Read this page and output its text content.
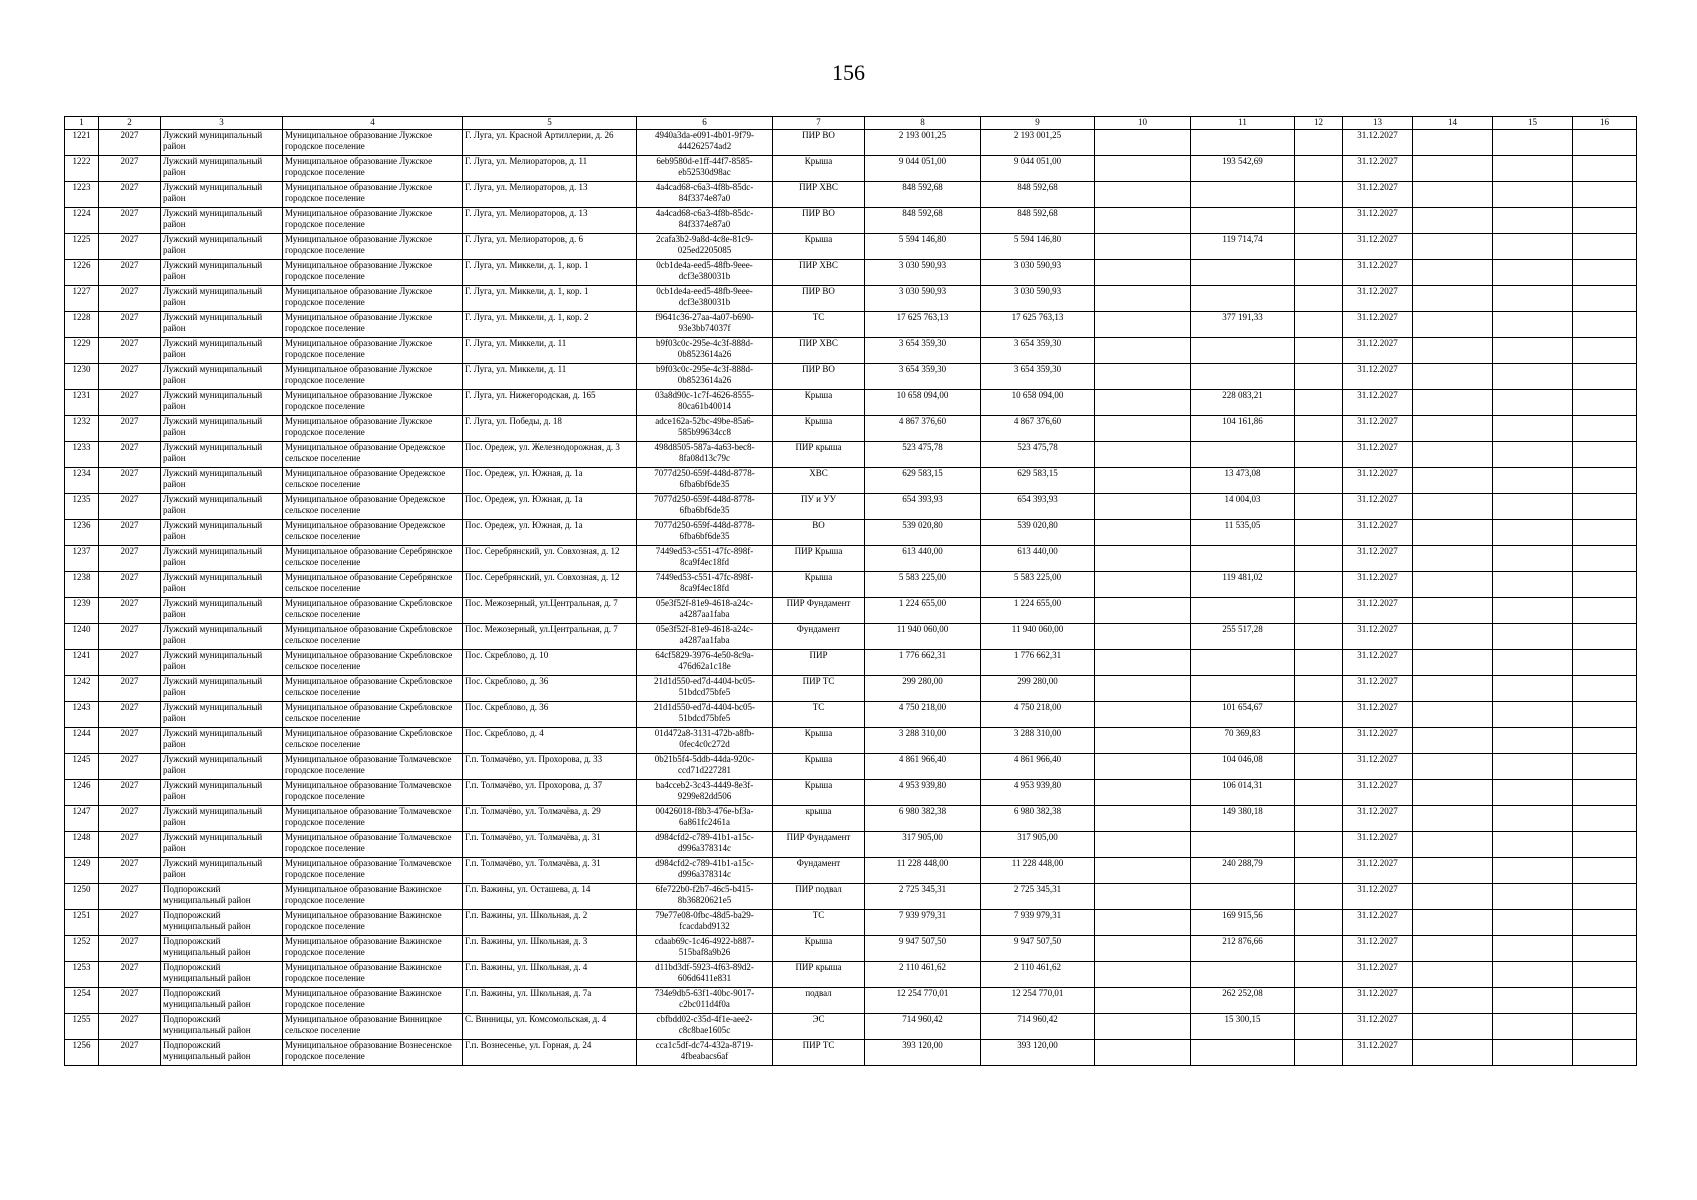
156
1	2	3	4	5	6	7	8	9	10	11	12	13	14	15	16
1221	2027	Лужский муниципальный район	Муниципальное образование Лужское городское поселение	Г. Луга, ул. Красной Артиллерии, д. 26	4940a3da-e091-4b01-9f79-444262574ad2	ПИР ВО	2 193 001,25	2 193 001,25				31.12.2027			
1222	2027	Лужский муниципальный район	Муниципальное образование Лужское городское поселение	Г. Луга, ул. Мелиораторов, д. 11	6eb9580d-e1ff-44f7-8585-eb52530d98ac	Крыша	9 044 051,00	9 044 051,00		193 542,69		31.12.2027			
1223	2027	Лужский муниципальный район	Муниципальное образование Лужское городское поселение	Г. Луга, ул. Мелиораторов, д. 13	4a4cad68-c6a3-4f8b-85dc-84f3374e87a0	ПИР ХВС	848 592,68	848 592,68				31.12.2027			
1224	2027	Лужский муниципальный район	Муниципальное образование Лужское городское поселение	Г. Луга, ул. Мелиораторов, д. 13	4a4cad68-c6a3-4f8b-85dc-84f3374e87a0	ПИР ВО	848 592,68	848 592,68				31.12.2027			
1225	2027	Лужский муниципальный район	Муниципальное образование Лужское городское поселение	Г. Луга, ул. Мелиораторов, д. 6	2cafa3b2-9a8d-4c8e-81c9-025ed2205085	Крыша	5 594 146,80	5 594 146,80		119 714,74		31.12.2027			
1226	2027	Лужский муниципальный район	Муниципальное образование Лужское городское поселение	Г. Луга, ул. Миккели, д. 1, кор. 1	0cb1de4a-eed5-48fb-9eee-dcf3e380031b	ПИР ХВС	3 030 590,93	3 030 590,93				31.12.2027			
1227	2027	Лужский муниципальный район	Муниципальное образование Лужское городское поселение	Г. Луга, ул. Миккели, д. 1, кор. 1	0cb1de4a-eed5-48fb-9eee-dcf3e380031b	ПИР ВО	3 030 590,93	3 030 590,93				31.12.2027			
1228	2027	Лужский муниципальный район	Муниципальное образование Лужское городское поселение	Г. Луга, ул. Миккели, д. 1, кор. 2	f9641c36-27aa-4a07-b690-93e3bb74037f	ТС	17 625 763,13	17 625 763,13		377 191,33		31.12.2027			
1229	2027	Лужский муниципальный район	Муниципальное образование Лужское городское поселение	Г. Луга, ул. Миккели, д. 11	b9f03c0c-295e-4c3f-888d-0b8523614a26	ПИР ХВС	3 654 359,30	3 654 359,30				31.12.2027			
1230	2027	Лужский муниципальный район	Муниципальное образование Лужское городское поселение	Г. Луга, ул. Миккели, д. 11	b9f03c0c-295e-4c3f-888d-0b8523614a26	ПИР ВО	3 654 359,30	3 654 359,30				31.12.2027			
1231	2027	Лужский муниципальный район	Муниципальное образование Лужское городское поселение	Г. Луга, ул. Нижегородская, д. 165	03a8d90c-1c7f-4626-8555-80ca61b40014	Крыша	10 658 094,00	10 658 094,00		228 083,21		31.12.2027			
1232	2027	Лужский муниципальный район	Муниципальное образование Лужское городское поселение	Г. Луга, ул. Победы, д. 18	adce162a-52bc-49be-85a6-585b99634cc8	Крыша	4 867 376,60	4 867 376,60		104 161,86		31.12.2027			
1233	2027	Лужский муниципальный район	Муниципальное образование Оредежское сельское поселение	Пос. Оредеж, ул. Железнодорожная, д. 3	498d8505-587a-4a63-bec8-8fa08d13c79c	ПИР крыша	523 475,78	523 475,78				31.12.2027			
1234	2027	Лужский муниципальный район	Муниципальное образование Оредежское сельское поселение	Пос. Оредеж, ул. Южная, д. 1а	7077d250-659f-448d-8778-6fba6bf6de35	ХВС	629 583,15	629 583,15		13 473,08		31.12.2027			
1235	2027	Лужский муниципальный район	Муниципальное образование Оредежское сельское поселение	Пос. Оредеж, ул. Южная, д. 1а	7077d250-659f-448d-8778-6fba6bf6de35	ПУ и УУ	654 393,93	654 393,93		14 004,03		31.12.2027			
1236	2027	Лужский муниципальный район	Муниципальное образование Оредежское сельское поселение	Пос. Оредеж, ул. Южная, д. 1а	7077d250-659f-448d-8778-6fba6bf6de35	ВО	539 020,80	539 020,80		11 535,05		31.12.2027			
1237	2027	Лужский муниципальный район	Муниципальное образование Серебрянское сельское поселение	Пос. Серебрянский, ул. Совхозная, д. 12	7449ed53-c551-47fc-898f-8ca9f4ec18fd	ПИР Крыша	613 440,00	613 440,00				31.12.2027			
1238	2027	Лужский муниципальный район	Муниципальное образование Серебрянское сельское поселение	Пос. Серебрянский, ул. Совхозная, д. 12	7449ed53-c551-47fc-898f-8ca9f4ec18fd	Крыша	5 583 225,00	5 583 225,00		119 481,02		31.12.2027			
1239	2027	Лужский муниципальный район	Муниципальное образование Скребловское сельское поселение	Пос. Межозерный, ул.Центральная, д. 7	05e3f52f-81e9-4618-a24c-a4287aa1faba	ПИР Фундамент	1 224 655,00	1 224 655,00				31.12.2027			
1240	2027	Лужский муниципальный район	Муниципальное образование Скребловское сельское поселение	Пос. Межозерный, ул.Центральная, д. 7	05e3f52f-81e9-4618-a24c-a4287aa1faba	Фундамент	11 940 060,00	11 940 060,00		255 517,28		31.12.2027			
1241	2027	Лужский муниципальный район	Муниципальное образование Скребловское сельское поселение	Пос. Скреблово, д. 10	64cf5829-3976-4e50-8c9a-476d62a1c18e	ПИР	1 776 662,31	1 776 662,31				31.12.2027			
1242	2027	Лужский муниципальный район	Муниципальное образование Скребловское сельское поселение	Пос. Скреблово, д. 36	21d1d550-ed7d-4404-bc05-51bdcd75bfe5	ПИР ТС	299 280,00	299 280,00				31.12.2027			
1243	2027	Лужский муниципальный район	Муниципальное образование Скребловское сельское поселение	Пос. Скреблово, д. 36	21d1d550-ed7d-4404-bc05-51bdcd75bfe5	ТС	4 750 218,00	4 750 218,00		101 654,67		31.12.2027			
1244	2027	Лужский муниципальный район	Муниципальное образование Скребловское сельское поселение	Пос. Скреблово, д. 4	01d472a8-3131-472b-a8fb-0fec4c0c272d	Крыша	3 288 310,00	3 288 310,00		70 369,83		31.12.2027			
1245	2027	Лужский муниципальный район	Муниципальное образование Толмачевское городское поселение	Г.п. Толмачёво, ул. Прохорова, д. 33	0b21b5f4-5ddb-44da-920c-ccd71d227281	Крыша	4 861 966,40	4 861 966,40		104 046,08		31.12.2027			
1246	2027	Лужский муниципальный район	Муниципальное образование Толмачевское городское поселение	Г.п. Толмачёво, ул. Прохорова, д. 37	ba4cceb2-3c43-4449-8e3f-9299e82dd506	Крыша	4 953 939,80	4 953 939,80		106 014,31		31.12.2027			
1247	2027	Лужский муниципальный район	Муниципальное образование Толмачевское городское поселение	Г.п. Толмачёво, ул. Толмачёва, д. 29	00426018-f8b3-476e-bf3a-6a861fc2461a	крыша	6 980 382,38	6 980 382,38		149 380,18		31.12.2027			
1248	2027	Лужский муниципальный район	Муниципальное образование Толмачевское городское поселение	Г.п. Толмачёво, ул. Толмачёва, д. 31	d984cfd2-c789-41b1-a15c-d996a378314c	ПИР Фундамент	317 905,00	317 905,00				31.12.2027			
1249	2027	Лужский муниципальный район	Муниципальное образование Толмачевское городское поселение	Г.п. Толмачёво, ул. Толмачёва, д. 31	d984cfd2-c789-41b1-a15c-d996a378314c	Фундамент	11 228 448,00	11 228 448,00		240 288,79		31.12.2027			
1250	2027	Подпорожский муниципальный район	Муниципальное образование Важинское городское поселение	Г.п. Важины, ул. Осташева, д. 14	6fe722b0-f2b7-46c5-b415-8b36820621e5	ПИР подвал	2 725 345,31	2 725 345,31				31.12.2027			
1251	2027	Подпорожский муниципальный район	Муниципальное образование Важинское городское поселение	Г.п. Важины, ул. Школьная, д. 2	79e77e08-0fbc-48d5-ba29-fcacdabd9132	ТС	7 939 979,31	7 939 979,31		169 915,56		31.12.2027			
1252	2027	Подпорожский муниципальный район	Муниципальное образование Важинское городское поселение	Г.п. Важины, ул. Школьная, д. 3	cdaab69c-1c46-4922-b887-515baf8a9b26	Крыша	9 947 507,50	9 947 507,50		212 876,66		31.12.2027			
1253	2027	Подпорожский муниципальный район	Муниципальное образование Важинское городское поселение	Г.п. Важины, ул. Школьная, д. 4	d11bd3df-5923-4f63-89d2-606d6411e831	ПИР крыша	2 110 461,62	2 110 461,62				31.12.2027			
1254	2027	Подпорожский муниципальный район	Муниципальное образование Важинское городское поселение	Г.п. Важины, ул. Школьная, д. 7а	734e9db5-63f1-40bc-9017-c2bc011d4f0a	подвал	12 254 770,01	12 254 770,01		262 252,08		31.12.2027			
1255	2027	Подпорожский муниципальный район	Муниципальное образование Винницкое сельское поселение	С. Винницы, ул. Комсомольская, д. 4	cbfbdd02-c35d-4f1e-aee2-c8c8bae1605c	ЭС	714 960,42	714 960,42		15 300,15		31.12.2027			
1256	2027	Подпорожский муниципальный район	Муниципальное образование Вознесенское городское поселение	Г.п. Вознесенье, ул. Горная, д. 24	cca1c5df-dc74-432a-8719-4fbeabacs6af	ПИР ТС	393 120,00	393 120,00				31.12.2027			
